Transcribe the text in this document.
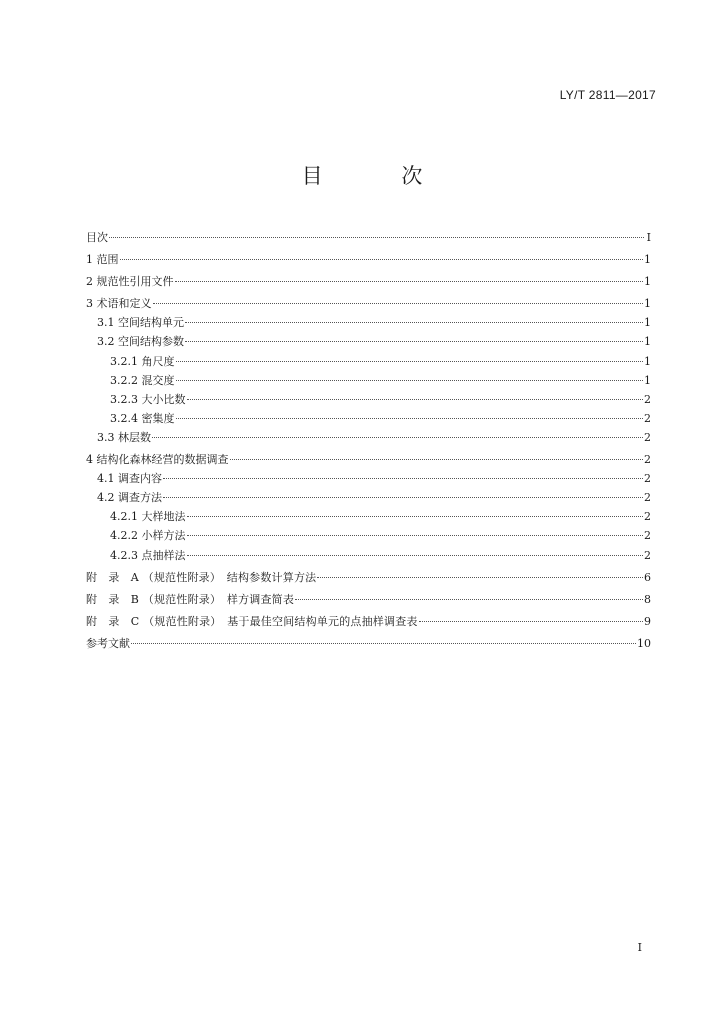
LY/T 2811—2017
目 次
目次	I
1 范围	1
2 规范性引用文件	1
3 术语和定义	1
3.1 空间结构单元	1
3.2 空间结构参数	1
3.2.1 角尺度	1
3.2.2 混交度	1
3.2.3 大小比数	2
3.2.4 密集度	2
3.3 林层数	2
4 结构化森林经营的数据调查	2
4.1 调查内容	2
4.2 调查方法	2
4.2.1 大样地法	2
4.2.2 小样方法	2
4.2.3 点抽样法	2
附　录　A （规范性附录）　结构参数计算方法	6
附　录　B （规范性附录）　样方调查简表	8
附　录　C （规范性附录）　基于最佳空间结构单元的点抽样调查表	9
参考文献	10
I
